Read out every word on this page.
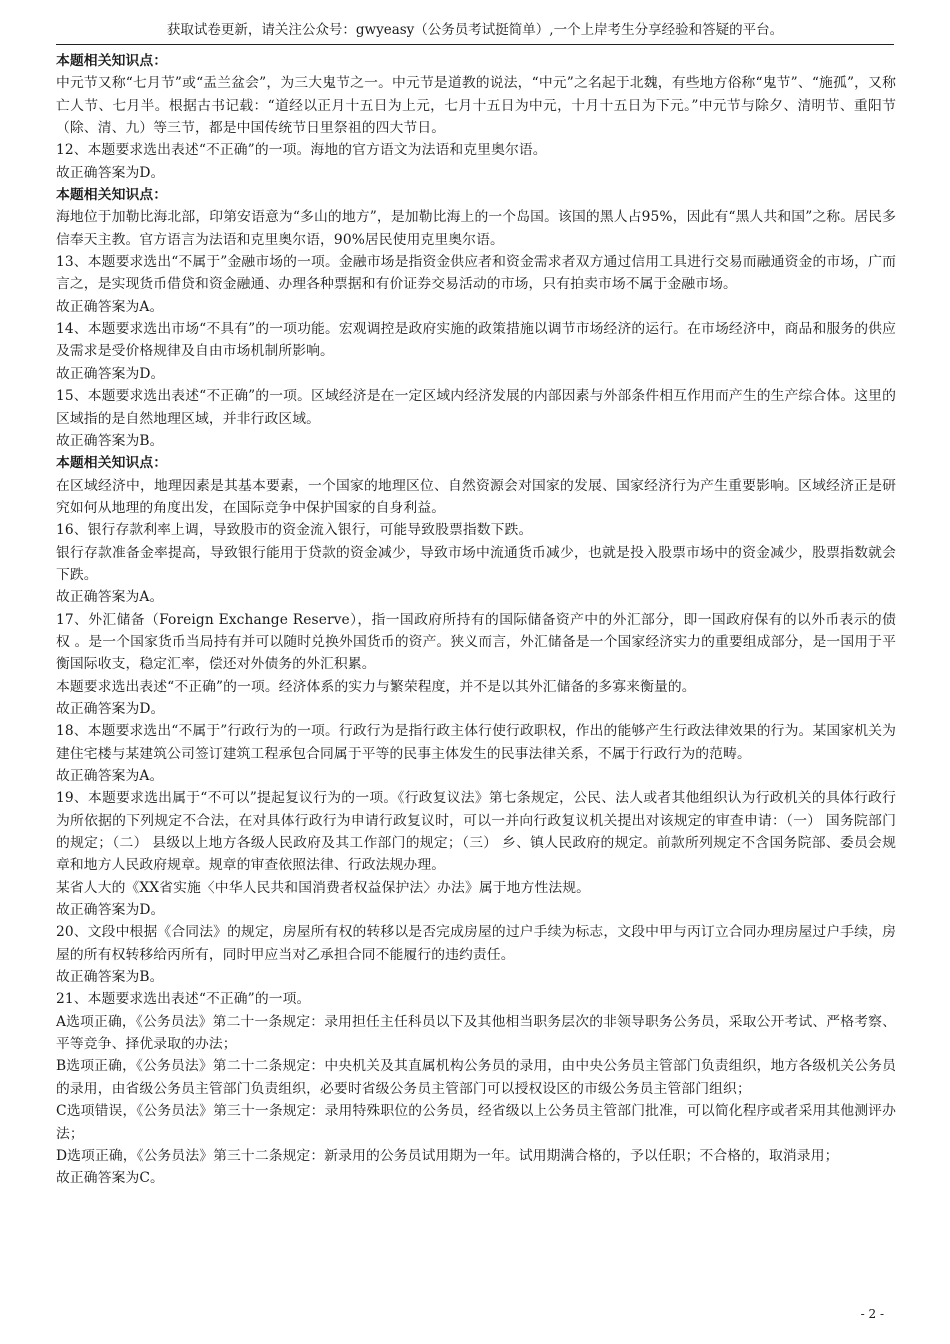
获取试卷更新，请关注公众号：gwyeasy（公务员考试挺简单）,一个上岸考生分享经验和答疑的平台。

本题相关知识点：

中元节又称“七月节”或“盂兰盆会”，为三大鬼节之一。中元节是道教的说法，“中元”之名起于北魏，有些地方俗称“鬼节”、“施孤”，又称亡人节、七月半。根据古书记载：“道经以正月十五日为上元，七月十五日为中元，十月十五日为下元。”中元节与除夕、清明节、重阳节（除、清、九）等三节，都是中国传统节日里祭祖的四大节日。

12、本题要求选出表述“不正确”的一项。海地的官方语文为法语和克里奥尔语。

故正确答案为D。

本题相关知识点：

海地位于加勒比海北部，印第安语意为“多山的地方”，是加勒比海上的一个岛国。该国的黑人占95%，因此有“黑人共和国”之称。居民多信奉天主教。官方语言为法语和克里奥尔语，90%居民使用克里奥尔语。

13、本题要求选出“不属于”金融市场的一项。金融市场是指资金供应者和资金需求者双方通过信用工具进行交易而融通资金的市场，广而言之，是实现货币借贷和资金融通、办理各种票据和有价证券交易活动的市场，只有拍卖市场不属于金融市场。

故正确答案为A。

14、本题要求选出市场“不具有”的一项功能。宏观调控是政府实施的政策措施以调节市场经济的运行。在市场经济中，商品和服务的供应及需求是受价格规律及自由市场机制所影响。

故正确答案为D。

15、本题要求选出表述“不正确”的一项。区域经济是在一定区域内经济发展的内部因素与外部条件相互作用而产生的生产综合体。这里的区域指的是自然地理区域，并非行政区域。

故正确答案为B。

本题相关知识点：

在区域经济中，地理因素是其基本要素，一个国家的地理区位、自然资源会对国家的发展、国家经济行为产生重要影响。区域经济正是研究如何从地理的角度出发，在国际竞争中保护国家的自身利益。

16、银行存款利率上调，导致股市的资金流入银行，可能导致股票指数下跌。

银行存款准备金率提高，导致银行能用于贷款的资金减少，导致市场中流通货币减少，也就是投入股票市场中的资金减少，股票指数就会下跌。

故正确答案为A。

17、外汇储备（Foreign Exchange Reserve），指一国政府所持有的国际储备资产中的外汇部分，即一国政府保有的以外币表示的债权 。是一个国家货币当局持有并可以随时兑换外国货币的资产。狭义而言，外汇储备是一个国家经济实力的重要组成部分，是一国用于平衡国际收支，稳定汇率，偿还对外债务的外汇积累。

本题要求选出表述“不正确”的一项。经济体系的实力与繁荣程度，并不是以其外汇储备的多寡来衡量的。

故正确答案为D。

18、本题要求选出“不属于”行政行为的一项。行政行为是指行政主体行使行政职权，作出的能够产生行政法律效果的行为。某国家机关为建住宅楼与某建筑公司签订建筑工程承包合同属于平等的民事主体发生的民事法律关系，不属于行政行为的范畴。

故正确答案为A。

19、本题要求选出属于“不可以”提起复议行为的一项。《行政复议法》第七条规定，公民、法人或者其他组织认为行政机关的具体行政行为所依据的下列规定不合法，在对具体行政行为申请行政复议时，可以一并向行政复议机关提出对该规定的审查申请：（一） 国务院部门的规定；（二） 县级以上地方各级人民政府及其工作部门的规定；（三） 乡、镇人民政府的规定。前款所列规定不含国务院部、委员会规章和地方人民政府规章。规章的审查依照法律、行政法规办理。

某省人大的《XX省实施〈中华人民共和国消费者权益保护法〉办法》属于地方性法规。

故正确答案为D。

20、文段中根据《合同法》的规定，房屋所有权的转移以是否完成房屋的过户手续为标志，文段中甲与丙订立合同办理房屋过户手续，房屋的所有权转移给丙所有，同时甲应当对乙承担合同不能履行的违约责任。

故正确答案为B。

21、本题要求选出表述“不正确”的一项。

A选项正确，《公务员法》第二十一条规定：录用担任主任科员以下及其他相当职务层次的非领导职务公务员，采取公开考试、严格考察、平等竞争、择优录取的办法；

B选项正确，《公务员法》第二十二条规定：中央机关及其直属机构公务员的录用，由中央公务员主管部门负责组织，地方各级机关公务员的录用，由省级公务员主管部门负责组织，必要时省级公务员主管部门可以授权设区的市级公务员主管部门组织；

C选项错误，《公务员法》第三十一条规定：录用特殊职位的公务员，经省级以上公务员主管部门批准，可以简化程序或者采用其他测评办法；

D选项正确，《公务员法》第三十二条规定：新录用的公务员试用期为一年。试用期满合格的，予以任职；不合格的，取消录用；

故正确答案为C。

- 2 -
